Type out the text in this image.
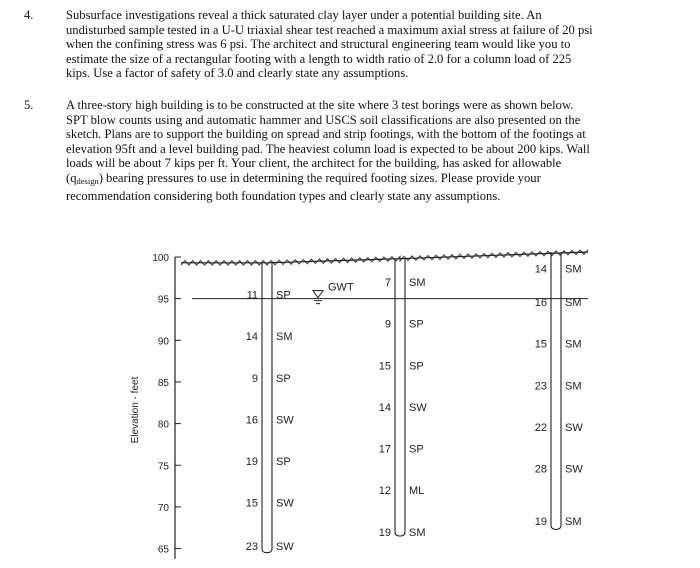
4.	Subsurface investigations reveal a thick saturated clay layer under a potential building site. An
undisturbed sample tested in a U-U triaxial shear test reached a maximum axial stress at failure of 20 psi
when the confining stress was 6 psi. The architect and structural engineering team would like you to
estimate the size of a rectangular footing with a length to width ratio of 2.0 for a column load of 225
kips. Use a factor of safety of 3.0 and clearly state any assumptions.
5.	A three-story high building is to be constructed at the site where 3 test borings were as shown below.
SPT blow counts using and automatic hammer and USCS soil classifications are also presented on the
sketch. Plans are to support the building on spread and strip footings, with the bottom of the footings at
elevation 95ft and a level building pad. The heaviest column load is expected to be about 200 kips. Wall
loads will be about 7 kips per ft. Your client, the architect for the building, has asked for allowable
$(q_{design})$ bearing pressures to use in determining the required footing sizes. Please provide your
recommendation considering both foundation types and clearly state any assumptions.
100
95
90
85
80
75
70
65
Elevation - feet
GWT
11 SP
14 SM
9 SP
16 SW
19 SP
15 SW
23 SW
7 SM
9 SP
15 SP
14 SW
17 SP
12 ML
19 SM
14 SM
16 SM
15 SM
23 SM
22 SW
28 SW
19 SM
